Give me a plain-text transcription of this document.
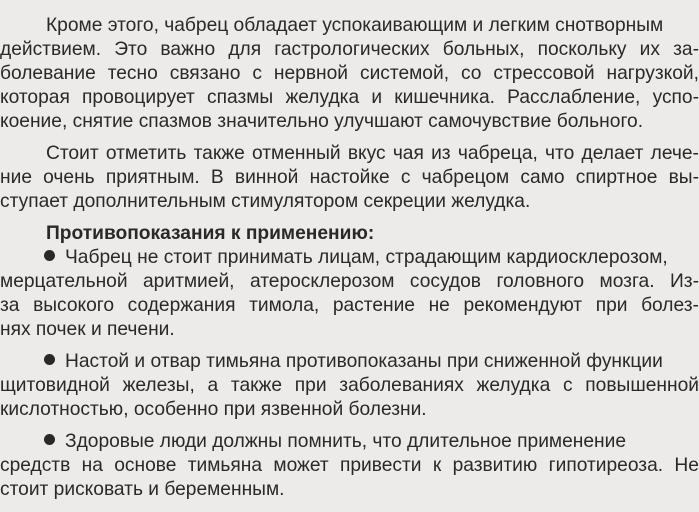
Кроме этого, чабрец обладает успокаивающим и легким снотворным
действием. Это важно для гастрологических больных, поскольку их за-
болевание тесно связано с нервной системой, со стрессовой нагрузкой,
которая провоцирует спазмы желудка и кишечника. Расслабление, успо-
коение, снятие спазмов значительно улучшают самочувствие больного.
Стоит отметить также отменный вкус чая из чабреца, что делает лече-
ние очень приятным. В винной настойке с чабрецом само спиртное вы-
ступает дополнительным стимулятором секреции желудка.
Противопоказания к применению:
Чабрец не стоит принимать лицам, страдающим кардиосклерозом,
мерцательной аритмией, атеросклерозом сосудов головного мозга. Из-
за высокого содержания тимола, растение не рекомендуют при болез-
нях почек и печени.
Настой и отвар тимьяна противопоказаны при сниженной функции
щитовидной железы, а также при заболеваниях желудка с повышенной
кислотностью, особенно при язвенной болезни.
Здоровые люди должны помнить, что длительное применение
средств на основе тимьяна может привести к развитию гипотиреоза. Не
стоит рисковать и беременным.
